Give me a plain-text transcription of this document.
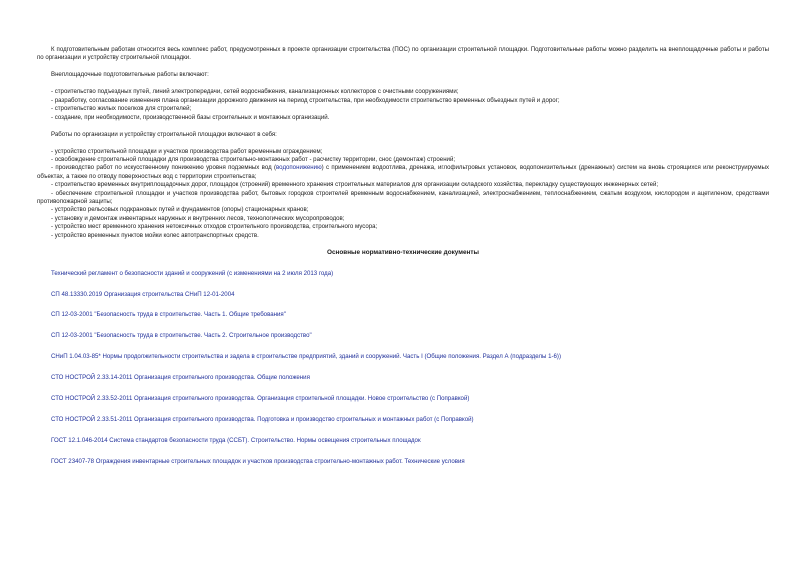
К подготовительным работам относится весь комплекс работ, предусмотренных в проекте организации строительства (ПОС) по организации строительной площадки. Подготовительные работы можно разделить на внеплощадочные работы и работы по организации и устройству строительной площадки.

Внеплощадочные подготовительные работы включают:

- строительство подъездных путей, линий электропередачи, сетей водоснабжения, канализационных коллекторов с очистными сооружениями;

- разработку, согласование изменения плана организации дорожного движения на период строительства, при необходимости строительство временных объездных путей и дорог;

- строительство жилых поселков для строителей;

- создание, при необходимости, производственной базы строительных и монтажных организаций.

Работы по организации и устройству строительной площадки включают в себя:

- устройство строительной площадки и участков производства работ временным ограждением;

- освобождение строительной площадки для производства строительно-монтажных работ - расчистку территории, снос (демонтаж) строений;

- производство работ по искусственному понижению уровня подземных вод (водопонижению) с применением водоотлива, дренажа, иглофильтровых установок, водопонизительных (дренажных) систем на вновь строящихся или реконструируемых объектах, а также по отводу поверхностных вод с территории строительства;

- строительство временных внутриплощадочных дорог, площадок (строений) временного хранения строительных материалов для организации складского хозяйства, перекладку существующих инженерных сетей;

- обеспечение строительной площадки и участков производства работ, бытовых городков строителей временным водоснабжением, канализацией, электроснабжением, теплоснабжением, сжатым воздухом, кислородом и ацетиленом, средствами противопожарной защиты;

- устройство рельсовых подкрановых путей и фундаментов (опоры) стационарных кранов;

- установку и демонтаж инвентарных наружных и внутренних лесов, технологических мусоропроводов;

- устройство мест временного хранения нетоксичных отходов строительного производства, строительного мусора;

- устройство временных пунктов мойки колес автотранспортных средств.

Основные нормативно-технические документы

Технический регламент о безопасности зданий и сооружений (с изменениями на 2 июля 2013 года)
СП 48.13330.2019 Организация строительства СНиП 12-01-2004
СП 12-03-2001 "Безопасность труда в строительстве. Часть 1. Общие требования"
СП 12-03-2001 "Безопасность труда в строительстве. Часть 2. Строительное производство"
СНиП 1.04.03-85* Нормы продолжительности строительства и задела в строительстве предприятий, зданий и сооружений. Часть I (Общие положения. Раздел А (подразделы 1-6))
СТО НОСТРОЙ 2.33.14-2011 Организация строительного производства. Общие положения
СТО НОСТРОЙ 2.33.52-2011 Организация строительного производства. Организация строительной площадки. Новое строительство (с Поправкой)
СТО НОСТРОЙ 2.33.51-2011 Организация строительного производства. Подготовка и производство строительных и монтажных работ (с Поправкой)
ГОСТ 12.1.046-2014 Система стандартов безопасности труда (ССБТ). Строительство. Нормы освещения строительных площадок
ГОСТ 23407-78 Ограждения инвентарные строительных площадок и участков производства строительно-монтажных работ. Технические условия
